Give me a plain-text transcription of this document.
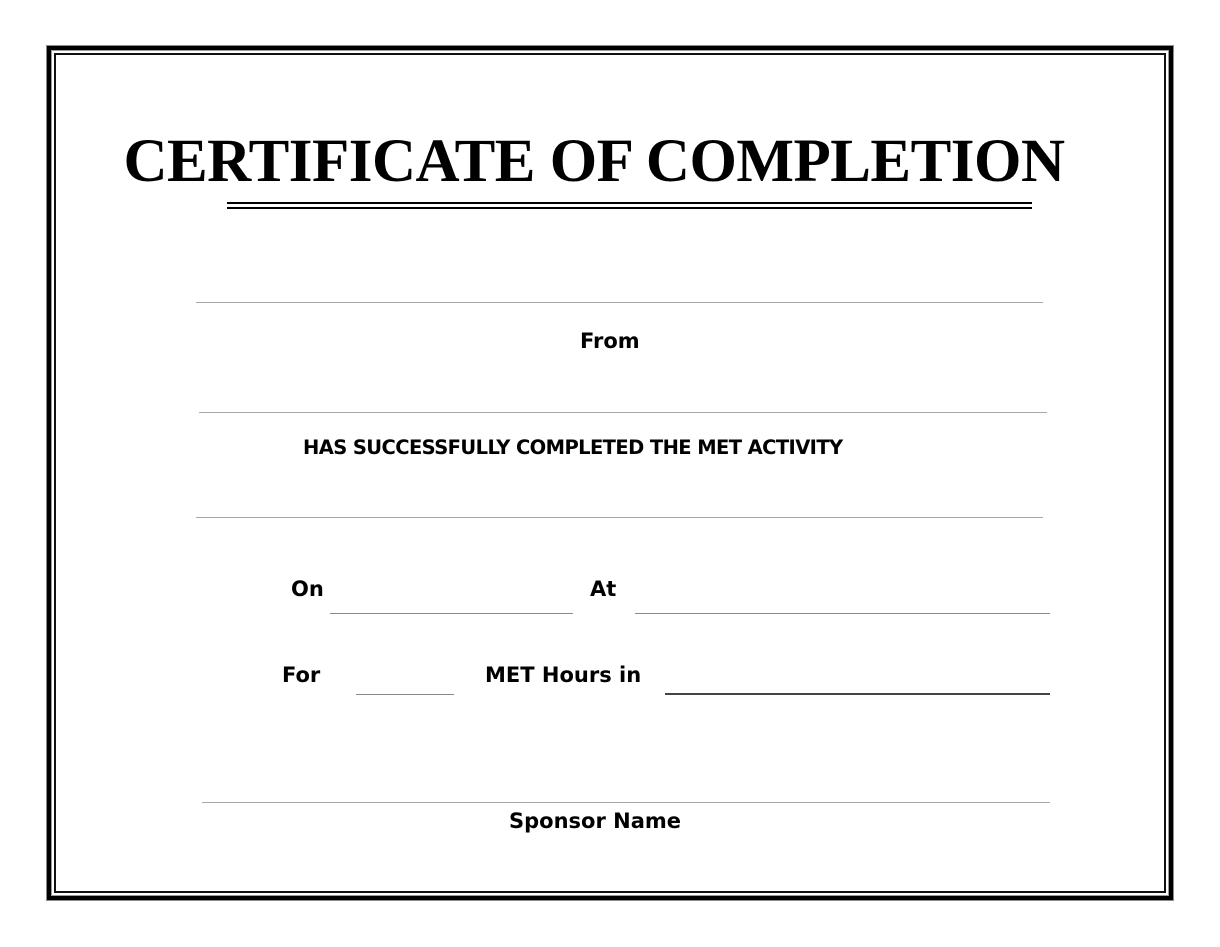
CERTIFICATE OF COMPLETION
From
HAS SUCCESSFULLY COMPLETED THE MET ACTIVITY
On	At
For	MET Hours in
Sponsor Name
